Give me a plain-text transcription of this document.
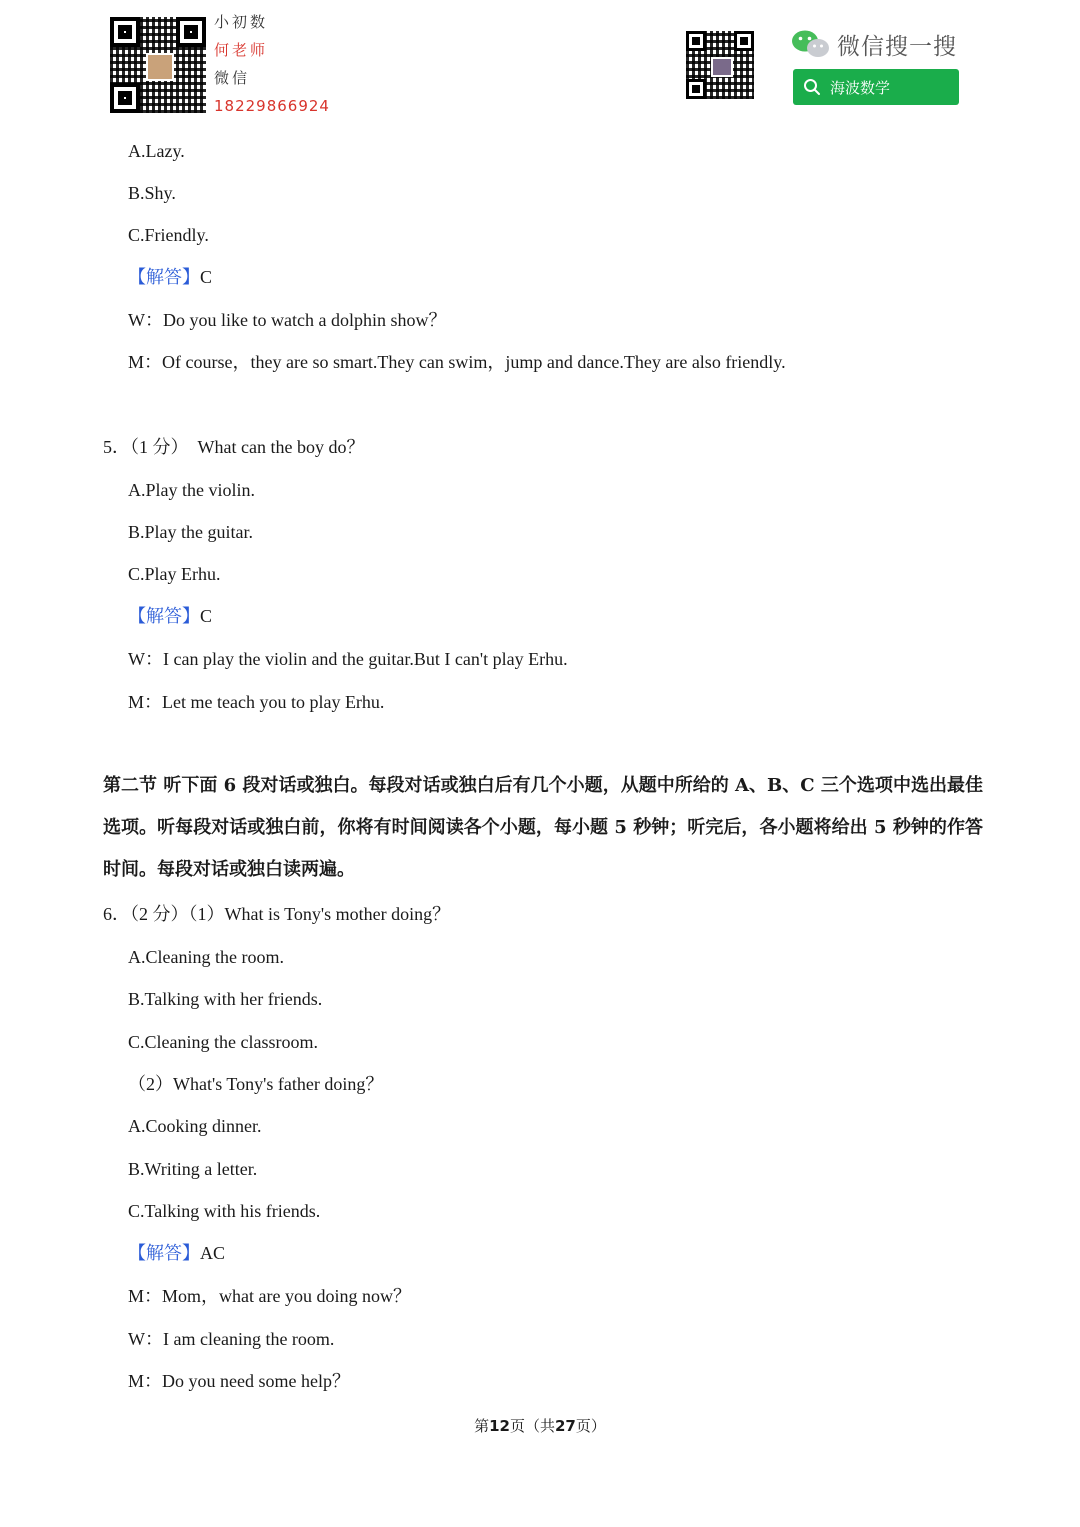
小初数
何老师
微信
18229866924
微信搜一搜
海波数学
A.Lazy.
B.Shy.
C.Friendly.
【解答】C
W：Do you like to watch a dolphin show？
M：Of course，they are so smart.They can swim，jump and dance.They are also friendly.
5．（1 分）　What can the boy do？
A.Play the violin.
B.Play the guitar.
C.Play Erhu.
【解答】C
W：I can play the violin and the guitar.But I can't play Erhu.
M：Let me teach you to play Erhu.
第二节 听下面 6 段对话或独白。每段对话或独白后有几个小题，从题中所给的 A、B、C 三个选项中选出最佳选项。听每段对话或独白前，你将有时间阅读各个小题，每小题 5 秒钟；听完后，各小题将给出 5 秒钟的作答时间。每段对话或独白读两遍。
6．（2 分）（1）What is Tony's mother doing？
A.Cleaning the room.
B.Talking with her friends.
C.Cleaning the classroom.
（2）What's Tony's father doing？
A.Cooking dinner.
B.Writing a letter.
C.Talking with his friends.
【解答】AC
M：Mom，what are you doing now？
W：I am cleaning the room.
M：Do you need some help？
第12页（共27页）
